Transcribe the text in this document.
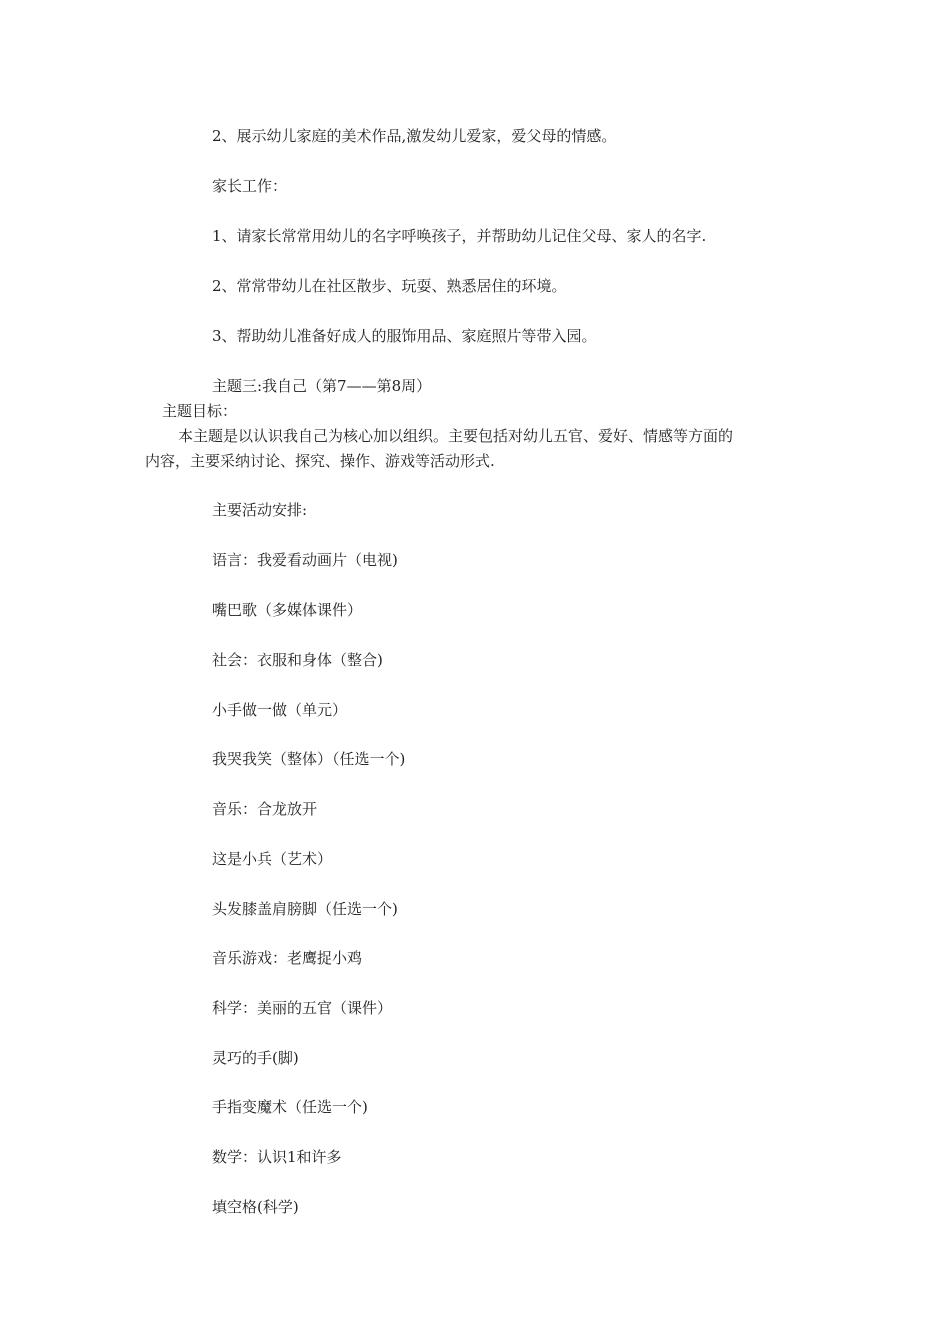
2、展示幼儿家庭的美术作品,激发幼儿爱家，爱父母的情感。
家长工作：
1、请家长常常用幼儿的名字呼唤孩子，并帮助幼儿记住父母、家人的名字.
2、常常带幼儿在社区散步、玩耍、熟悉居住的环境。
3、帮助幼儿准备好成人的服饰用品、家庭照片等带入园。
主题三:我自己（第7——第8周）
主题目标：
本主题是以认识我自己为核心加以组织。主要包括对幼儿五官、爱好、情感等方面的
内容，主要采纳讨论、探究、操作、游戏等活动形式.
主要活动安排:
语言：我爱看动画片（电视)
嘴巴歌（多媒体课件）
社会：衣服和身体（整合)
小手做一做（单元）
我哭我笑（整体）（任选一个)
音乐：合龙放开
这是小兵（艺术）
头发膝盖肩膀脚（任选一个)
音乐游戏：老鹰捉小鸡
科学：美丽的五官（课件）
灵巧的手(脚)
手指变魔术（任选一个)
数学：认识1和许多
填空格(科学)
